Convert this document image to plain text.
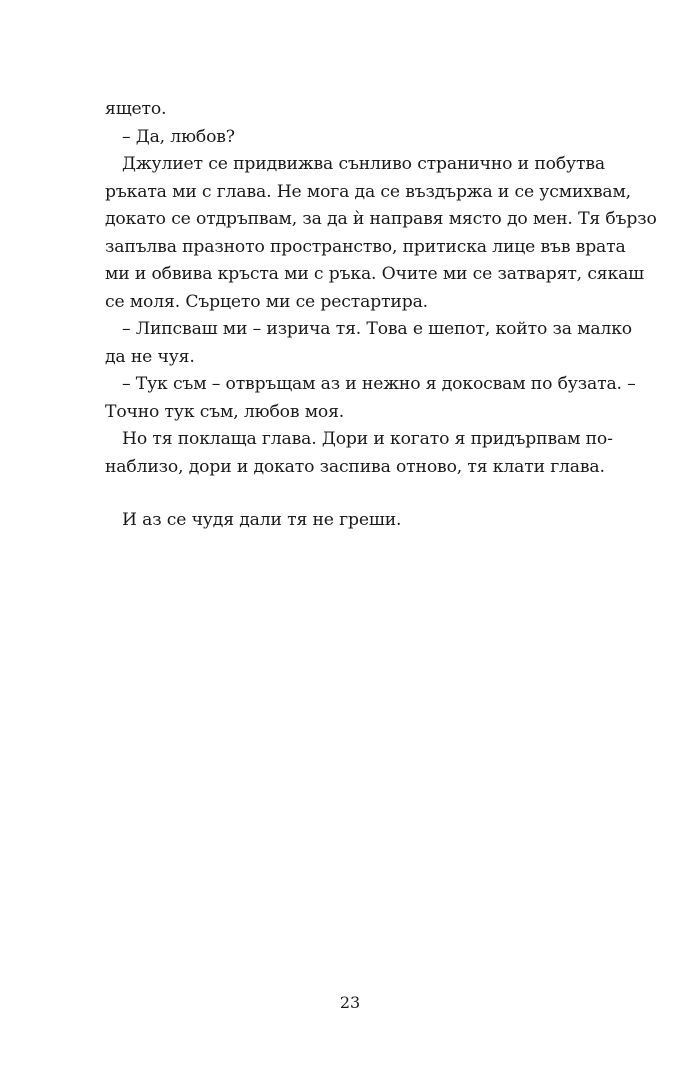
ящето.
– Да, любов?
Джулиет се придвижва сънливо странично и побутва
ръката ми с глава. Не мога да се въздържа и се усмихвам,
докато се отдръпвам, за да ѝ направя място до мен. Тя бързо
запълва празното пространство, притиска лице във врата
ми и обвива кръста ми с ръка. Очите ми се затварят, сякаш
се моля. Сърцето ми се рестартира.
– Липсваш ми – изрича тя. Това е шепот, който за малко
да не чуя.
– Тук съм – отвръщам аз и нежно я докосвам по бузата. –
Точно тук съм, любов моя.
Но тя поклаща глава. Дори и когато я придърпвам по-
наблизо, дори и докато заспива отново, тя клати глава.
И аз се чудя дали тя не греши.
23
